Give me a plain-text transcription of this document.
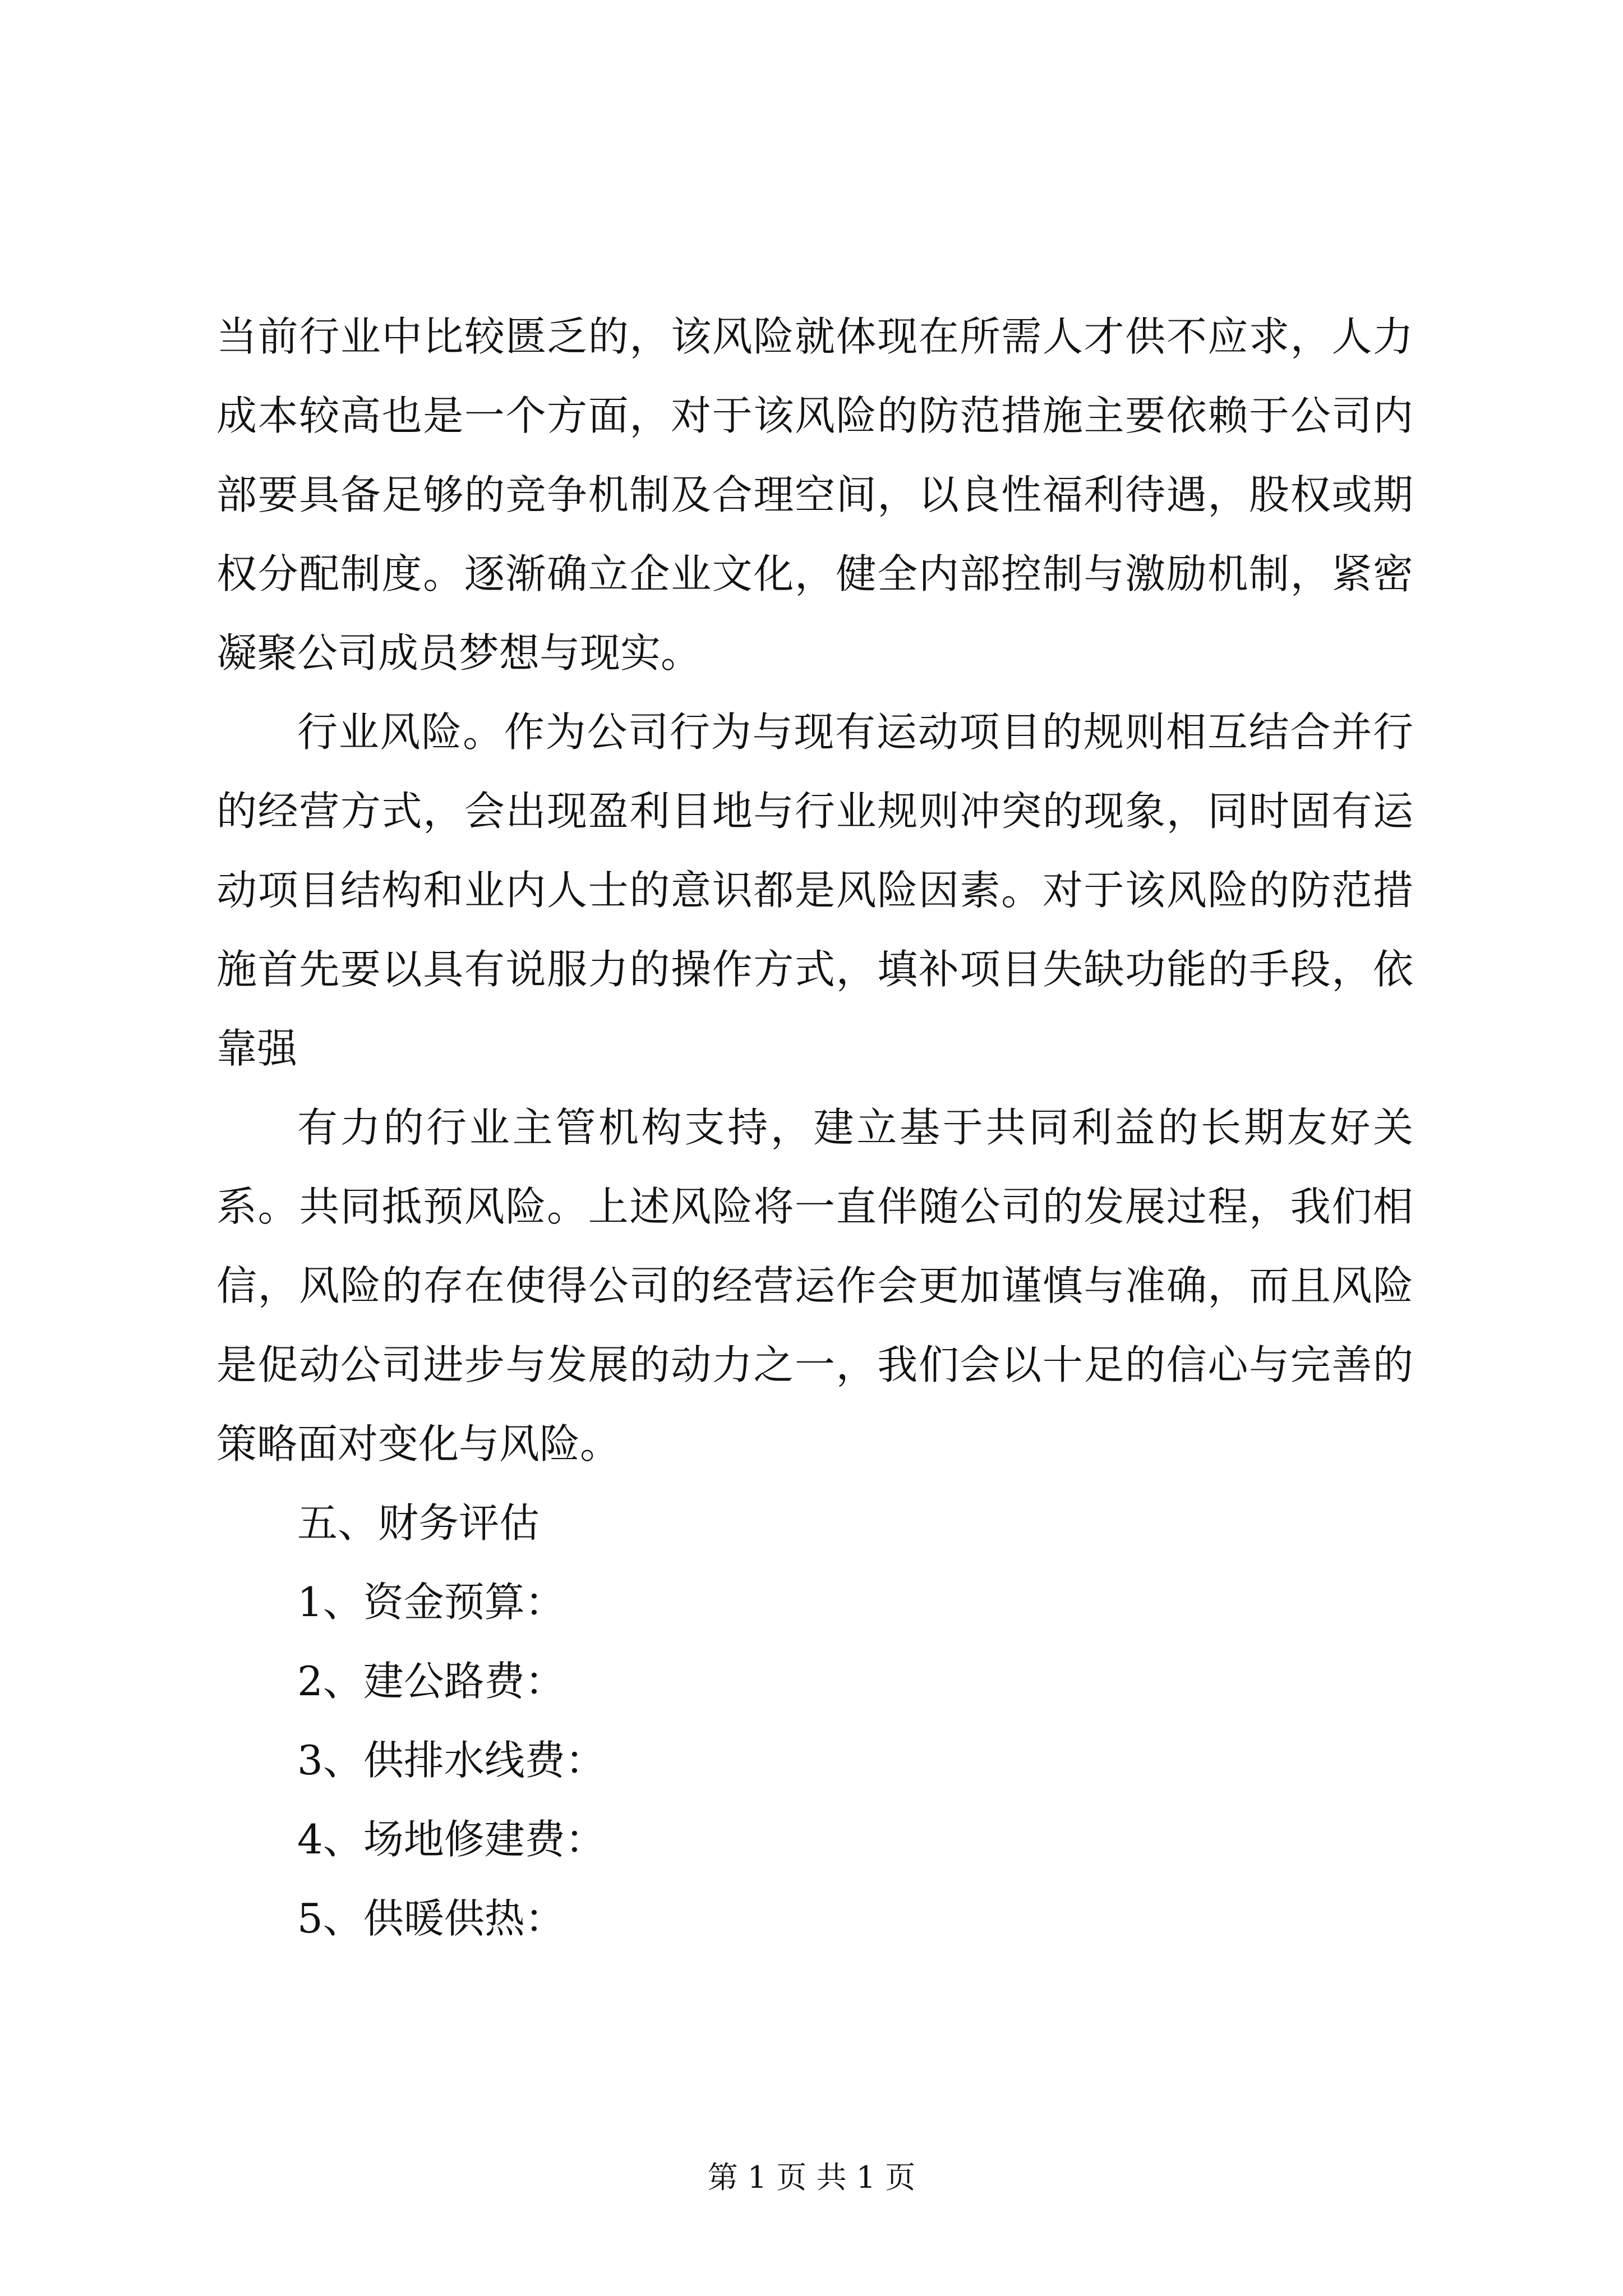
当前行业中比较匮乏的，该风险就体现在所需人才供不应求，人力成本较高也是一个方面，对于该风险的防范措施主要依赖于公司内部要具备足够的竞争机制及合理空间，以良性福利待遇，股权或期权分配制度。逐渐确立企业文化，健全内部控制与激励机制，紧密凝聚公司成员梦想与现实。

行业风险。作为公司行为与现有运动项目的规则相互结合并行的经营方式，会出现盈利目地与行业规则冲突的现象，同时固有运动项目结构和业内人士的意识都是风险因素。对于该风险的防范措施首先要以具有说服力的操作方式，填补项目失缺功能的手段，依靠强

有力的行业主管机构支持，建立基于共同利益的长期友好关系。共同抵预风险。上述风险将一直伴随公司的发展过程，我们相信，风险的存在使得公司的经营运作会更加谨慎与准确，而且风险是促动公司进步与发展的动力之一，我们会以十足的信心与完善的策略面对变化与风险。

五、财务评估

1、资金预算：

2、建公路费：

3、供排水线费：

4、场地修建费：

5、供暖供热：

第 1 页 共 1 页
